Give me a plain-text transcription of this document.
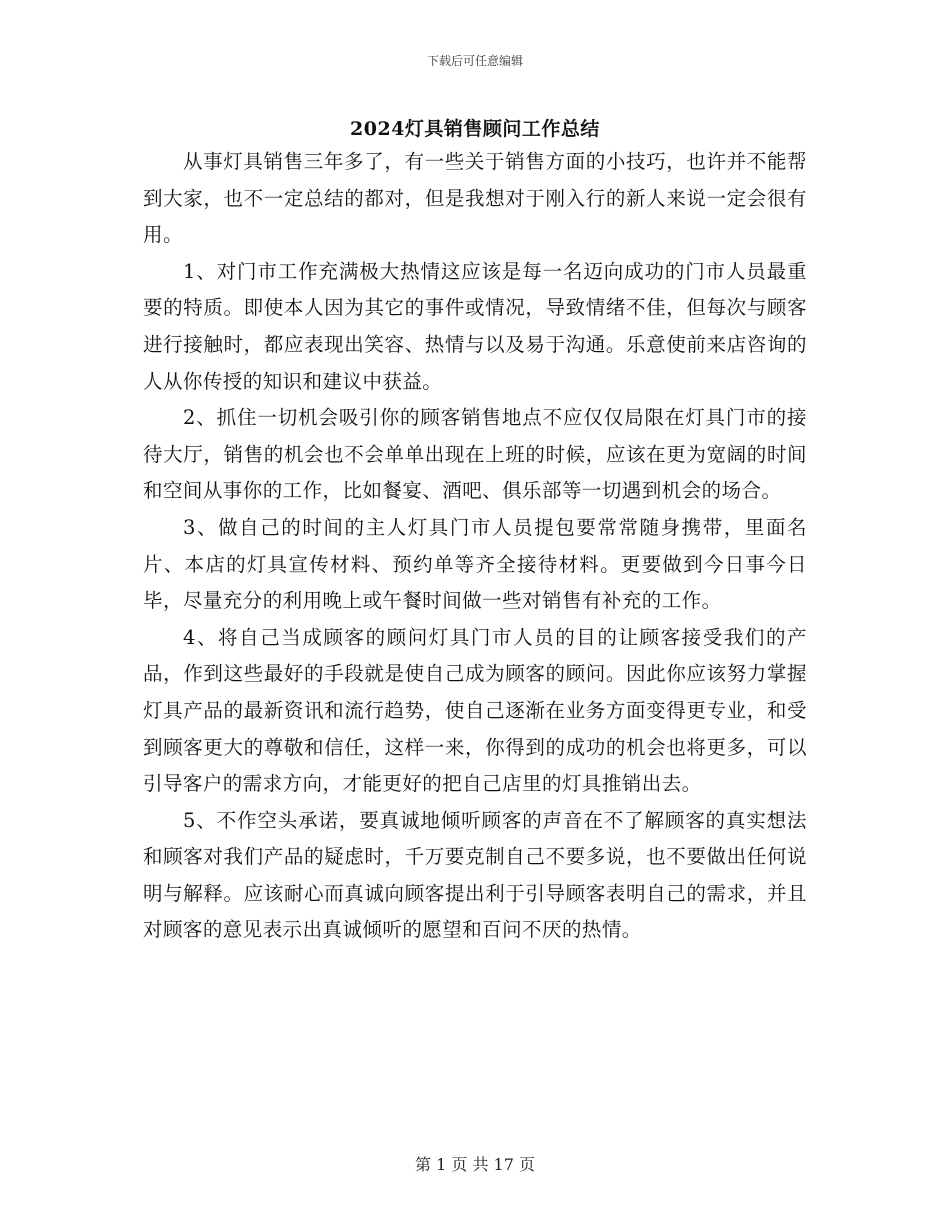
下载后可任意编辑
2024灯具销售顾问工作总结

从事灯具销售三年多了，有一些关于销售方面的小技巧，也许并不能帮到大家，也不一定总结的都对，但是我想对于刚入行的新人来说一定会很有用。

1、对门市工作充满极大热情这应该是每一名迈向成功的门市人员最重要的特质。即使本人因为其它的事件或情况，导致情绪不佳，但每次与顾客进行接触时，都应表现出笑容、热情与以及易于沟通。乐意使前来店咨询的人从你传授的知识和建议中获益。

2、抓住一切机会吸引你的顾客销售地点不应仅仅局限在灯具门市的接待大厅，销售的机会也不会单单出现在上班的时候，应该在更为宽阔的时间和空间从事你的工作，比如餐宴、酒吧、俱乐部等一切遇到机会的场合。

3、做自己的时间的主人灯具门市人员提包要常常随身携带，里面名片、本店的灯具宣传材料、预约单等齐全接待材料。更要做到今日事今日毕，尽量充分的利用晚上或午餐时间做一些对销售有补充的工作。

4、将自己当成顾客的顾问灯具门市人员的目的让顾客接受我们的产品，作到这些最好的手段就是使自己成为顾客的顾问。因此你应该努力掌握灯具产品的最新资讯和流行趋势，使自己逐渐在业务方面变得更专业，和受到顾客更大的尊敬和信任，这样一来，你得到的成功的机会也将更多，可以引导客户的需求方向，才能更好的把自己店里的灯具推销出去。

5、不作空头承诺，要真诚地倾听顾客的声音在不了解顾客的真实想法和顾客对我们产品的疑虑时，千万要克制自己不要多说，也不要做出任何说明与解释。应该耐心而真诚向顾客提出利于引导顾客表明自己的需求，并且对顾客的意见表示出真诚倾听的愿望和百问不厌的热情。

第 1 页 共 17 页
